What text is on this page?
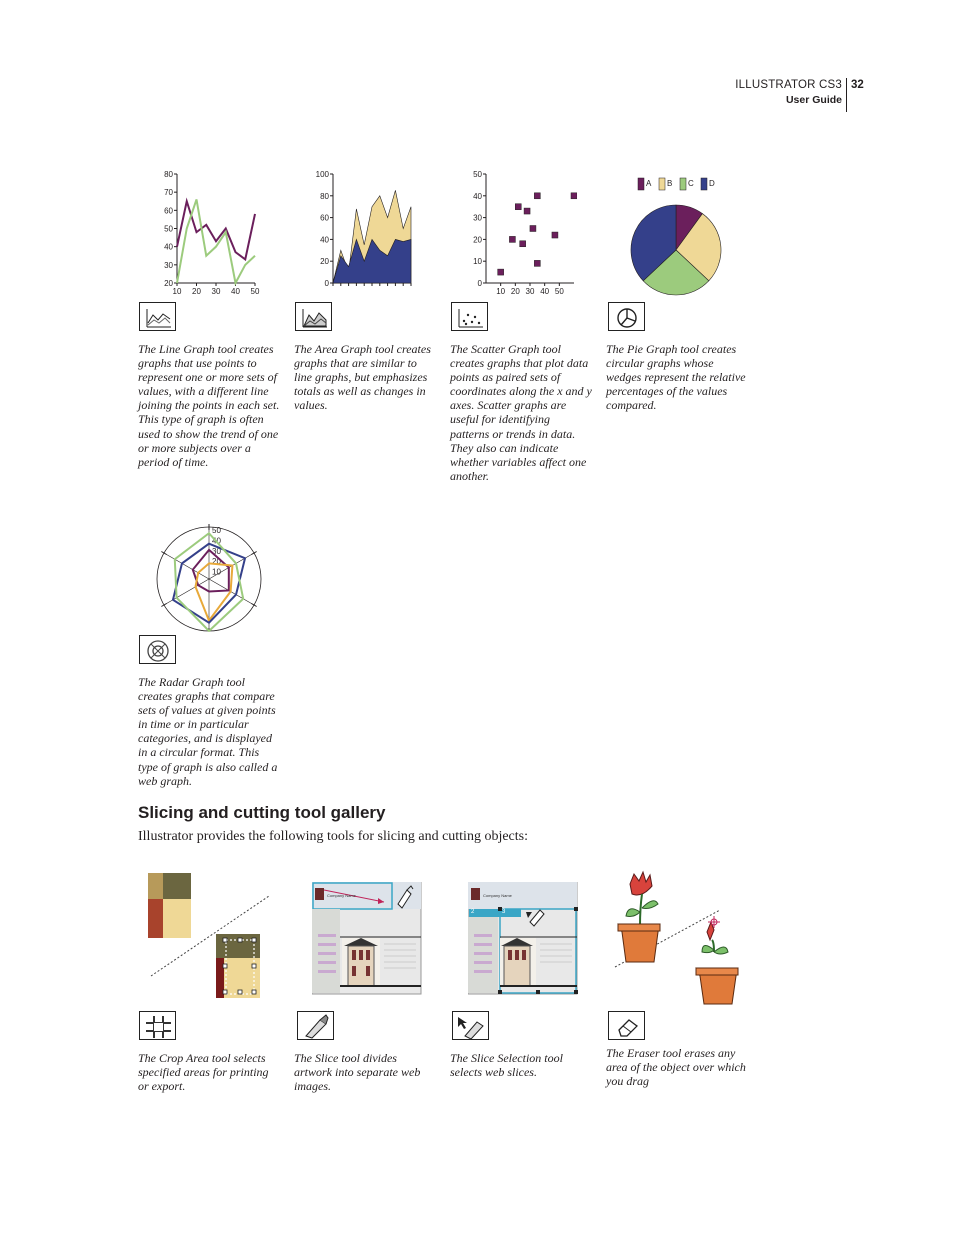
ILLUSTRATOR CS3
User Guide
32
20
30
40
50
60
70
80
10 20 30 40 50
0
20
40
60
80
100
0
10
20
30
40
50
10 20 30 40 50
A B C D
10
20
30
40
50
The Line Graph tool creates graphs that use points to represent one or more sets of values, with a different line joining the points in each set. This type of graph is often used to show the trend of one or more subjects over a period of time.
The Area Graph tool creates graphs that are similar to line graphs, but emphasizes totals as well as changes in values.
The Scatter Graph tool creates graphs that plot data points as paired sets of coordinates along the x and y axes. Scatter graphs are useful for identifying patterns or trends in data. They also can indicate whether variables affect one another.
The Pie Graph tool creates circular graphs whose wedges represent the relative percentages of the values compared.
The Radar Graph tool creates graphs that compare sets of values at given points in time or in particular categories, and is displayed in a circular format. This type of graph is also called a web graph.
Slicing and cutting tool gallery
Illustrator provides the following tools for slicing and cutting objects:
Company Name	Company Name
2	3
The Crop Area tool selects specified areas for printing or export.
The Slice tool divides artwork into separate web images.
The Slice Selection tool selects web slices.
The Eraser tool erases any area of the object over which you drag
